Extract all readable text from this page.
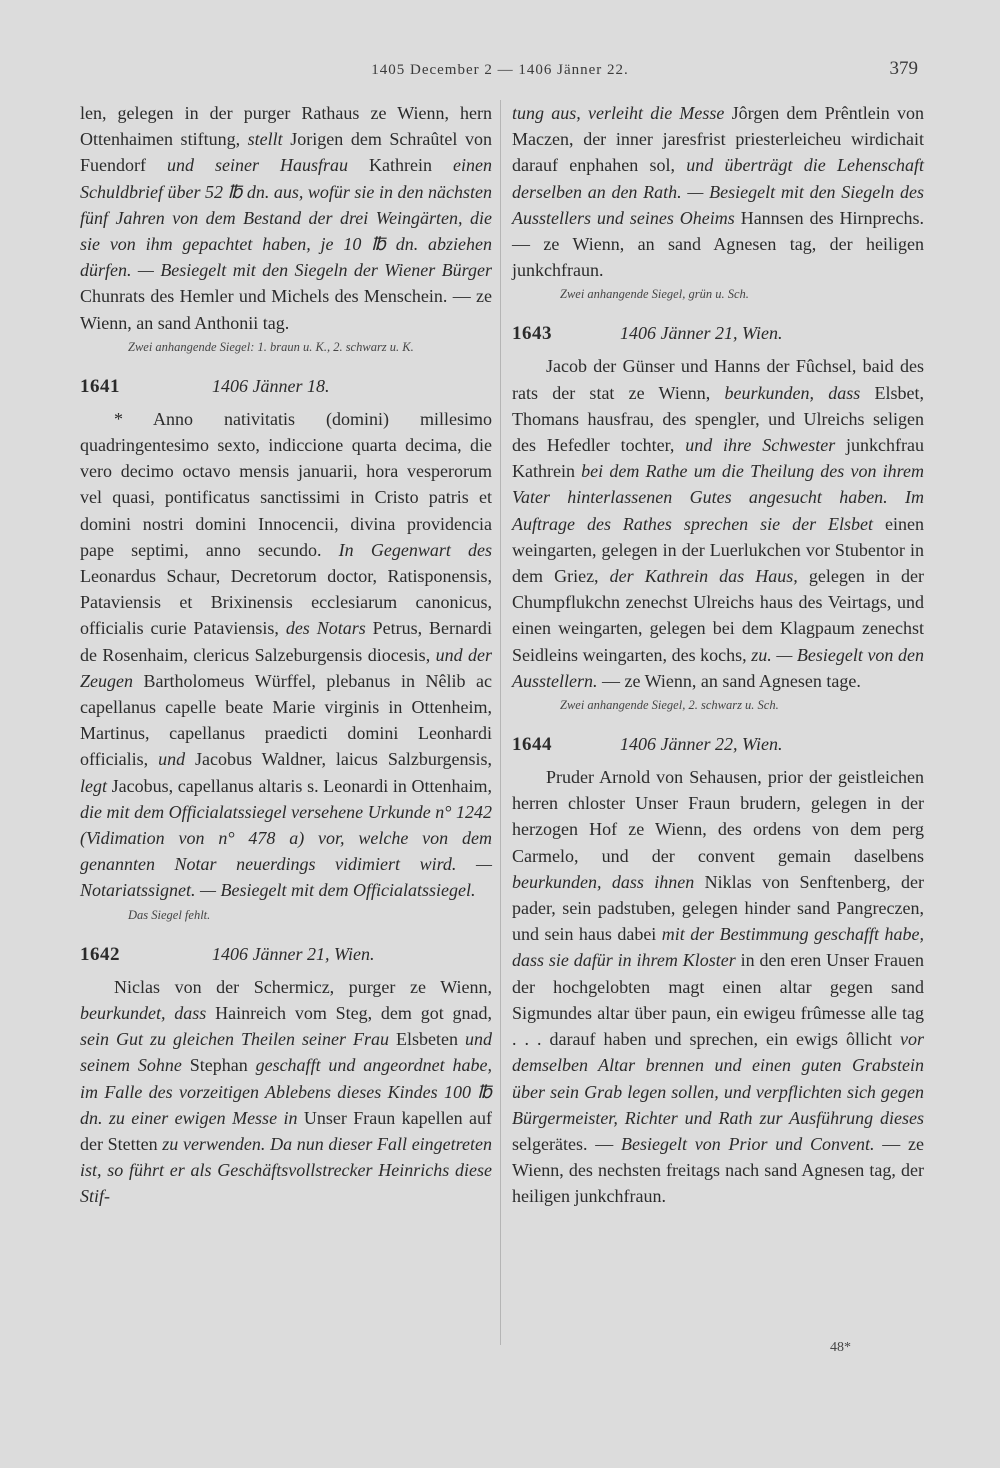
1405 December 2 — 1406 Jänner 22.	379

len, gelegen in der purger Rathaus ze Wienn, hern Ottenhaimen stiftung, stellt Jorigen dem Schraûtel von Fuendorf und seiner Hausfrau Kathrein einen Schuldbrief über 52 ℔ dn. aus, wofür sie in den nächsten fünf Jahren von dem Bestand der drei Weingärten, die sie von ihm gepachtet haben, je 10 ℔ dn. abziehen dürfen. — Besiegelt mit den Siegeln der Wiener Bürger Chunrats des Hemler und Michels des Menschein. — ze Wienn, an sand Anthonii tag.

Zwei anhangende Siegel: 1. braun u. K., 2. schwarz u. K.

1641	1406 Jänner 18.

* Anno nativitatis (domini) millesimo quadringentesimo sexto, indiccione quarta decima, die vero decimo octavo mensis januarii, hora vesperorum vel quasi, pontificatus sanctissimi in Cristo patris et domini nostri domini Innocencii, divina providencia pape septimi, anno secundo. In Gegenwart des Leonardus Schaur, Decretorum doctor, Ratisponensis, Pataviensis et Brixinensis ecclesiarum canonicus, officialis curie Pataviensis, des Notars Petrus, Bernardi de Rosenhaim, clericus Salzeburgensis diocesis, und der Zeugen Bartholomeus Würffel, plebanus in Nêlib ac capellanus capelle beate Marie virginis in Ottenheim, Martinus, capellanus praedicti domini Leonhardi officialis, und Jacobus Waldner, laicus Salzburgensis, legt Jacobus, capellanus altaris s. Leonardi in Ottenhaim, die mit dem Officialatssiegel versehene Urkunde n° 1242 (Vidimation von n° 478 a) vor, welche von dem genannten Notar neuerdings vidimiert wird. — Notariatssignet. — Besiegelt mit dem Officialatssiegel.

Das Siegel fehlt.

1642	1406 Jänner 21, Wien.

Niclas von der Schermicz, purger ze Wienn, beurkundet, dass Hainreich vom Steg, dem got gnad, sein Gut zu gleichen Theilen seiner Frau Elsbeten und seinem Sohne Stephan geschafft und angeordnet habe, im Falle des vorzeitigen Ablebens dieses Kindes 100 ℔ dn. zu einer ewigen Messe in Unser Fraun kapellen auf der Stetten zu verwenden. Da nun dieser Fall eingetreten ist, so führt er als Geschäftsvollstrecker Heinrichs diese Stif-

tung aus, verleiht die Messe Jôrgen dem Prêntlein von Maczen, der inner jaresfrist priesterleicheu wirdichait darauf enphahen sol, und überträgt die Lehenschaft derselben an den Rath. — Besiegelt mit den Siegeln des Ausstellers und seines Oheims Hannsen des Hirnprechs. — ze Wienn, an sand Agnesen tag, der heiligen junkchfraun.

Zwei anhangende Siegel, grün u. Sch.

1643	1406 Jänner 21, Wien.

Jacob der Günser und Hanns der Fûchsel, baid des rats der stat ze Wienn, beurkunden, dass Elsbet, Thomans hausfrau, des spengler, und Ulreichs seligen des Hefedler tochter, und ihre Schwester junkchfrau Kathrein bei dem Rathe um die Theilung des von ihrem Vater hinterlassenen Gutes angesucht haben. Im Auftrage des Rathes sprechen sie der Elsbet einen weingarten, gelegen in der Luerlukchen vor Stubentor in dem Griez, der Kathrein das Haus, gelegen in der Chumpflukchn zenechst Ulreichs haus des Veirtags, und einen weingarten, gelegen bei dem Klagpaum zenechst Seidleins weingarten, des kochs, zu. — Besiegelt von den Ausstellern. — ze Wienn, an sand Agnesen tage.

Zwei anhangende Siegel, 2. schwarz u. Sch.

1644	1406 Jänner 22, Wien.

Pruder Arnold von Sehausen, prior der geistleichen herren chloster Unser Fraun brudern, gelegen in der herzogen Hof ze Wienn, des ordens von dem perg Carmelo, und der convent gemain daselbens beurkunden, dass ihnen Niklas von Senftenberg, der pader, sein padstuben, gelegen hinder sand Pangreczen, und sein haus dabei mit der Bestimmung geschafft habe, dass sie dafür in ihrem Kloster in den eren Unser Frauen der hochgelobten magt einen altar gegen sand Sigmundes altar über paun, ein ewigeu frûmesse alle tag . . . darauf haben und sprechen, ein ewigs ôllicht vor demselben Altar brennen und einen guten Grabstein über sein Grab legen sollen, und verpflichten sich gegen Bürgermeister, Richter und Rath zur Ausführung dieses selgerätes. — Besiegelt von Prior und Convent. — ze Wienn, des nechsten freitags nach sand Agnesen tag, der heiligen junkchfraun.

48*
